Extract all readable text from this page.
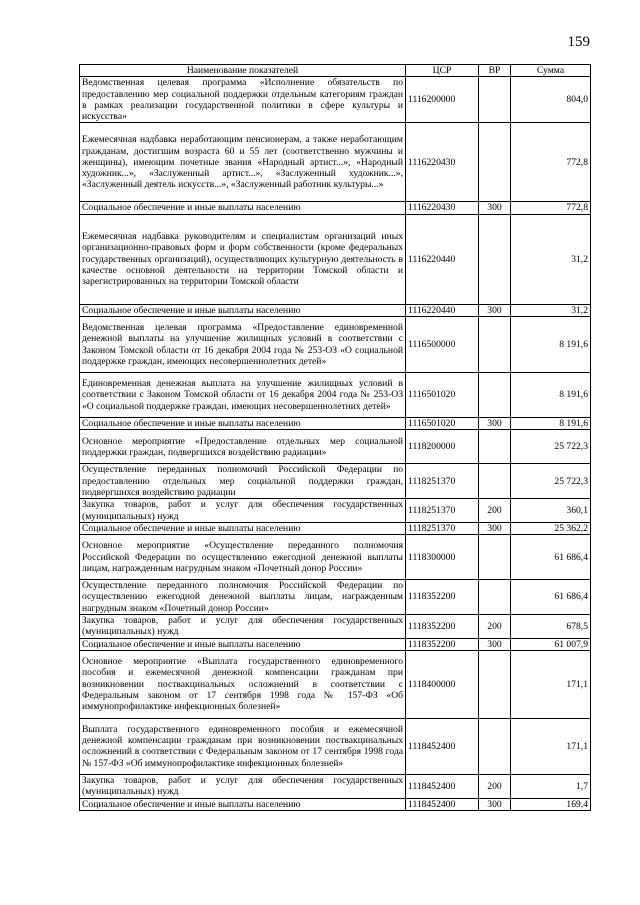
159
Наименование показателей	ЦСР	ВР	Сумма
Ведомственная целевая программа «Исполнение обязательств по предоставлению мер социальной поддержки отдельным категориям граждан в рамках реализации государственной политики в сфере культуры и искусства»	1116200000		804,0
Ежемесячная надбавка неработающим пенсионерам, а также неработающим гражданам, достигшим возраста 60 и 55 лет (соответственно мужчины и женщины), имеющим почетные звания «Народный артист...», «Народный художник...», «Заслуженный артист...», «Заслуженный художник...», «Заслуженный деятель искусств...», «Заслуженный работник культуры...»	1116220430		772,8
Социальное обеспечение и иные выплаты населению	1116220430	300	772,8
Ежемесячная надбавка руководителям и специалистам организаций иных организационно-правовых форм и форм собственности (кроме федеральных государственных организаций), осуществляющих культурную деятельность в качестве основной деятельности на территории Томской области и зарегистрированных на территории Томской области	1116220440		31,2
Социальное обеспечение и иные выплаты населению	1116220440	300	31,2
Ведомственная целевая программа «Предоставление единовременной денежной выплаты на улучшение жилищных условий в соответствии с Законом Томской области от 16 декабря 2004 года № 253-ОЗ «О социальной поддержке граждан, имеющих несовершеннолетних детей»	1116500000		8 191,6
Единовременная денежная выплата на улучшение жилищных условий в соответствии с Законом Томской области от 16 декабря 2004 года № 253-ОЗ «О социальной поддержке граждан, имеющих несовершеннолетних детей»	1116501020		8 191,6
Социальное обеспечение и иные выплаты населению	1116501020	300	8 191,6
Основное мероприятие «Предоставление отдельных мер социальной поддержки граждан, подвергшихся воздействию радиации»	1118200000		25 722,3
Осуществление переданных полномочий Российской Федерации по предоставлению отдельных мер социальной поддержки граждан, подвергшихся воздействию радиации	1118251370		25 722,3
Закупка товаров, работ и услуг для обеспечения государственных (муниципальных) нужд	1118251370	200	360,1
Социальное обеспечение и иные выплаты населению	1118251370	300	25 362,2
Основное мероприятие «Осуществление переданного полномочия Российской Федерации по осуществлению ежегодной денежной выплаты лицам, награжденным нагрудным знаком «Почетный донор России»	1118300000		61 686,4
Осуществление переданного полномочия Российской Федерации по осуществлению ежегодной денежной выплаты лицам, награжденным нагрудным знаком «Почетный донор России»	1118352200		61 686,4
Закупка товаров, работ и услуг для обеспечения государственных (муниципальных) нужд	1118352200	200	678,5
Социальное обеспечение и иные выплаты населению	1118352200	300	61 007,9
Основное мероприятие «Выплата государственного единовременного пособия и ежемесячной денежной компенсации гражданам при возникновении поствакцинальных осложнений в соответствии с Федеральным законом от 17 сентября 1998 года № 157-ФЗ «Об иммунопрофилактике инфекционных болезней»	1118400000		171,1
Выплата государственного единовременного пособия и ежемесячной денежной компенсации гражданам при возникновении поствакцинальных осложнений в соответствии с Федеральным законом от 17 сентября 1998 года № 157-ФЗ «Об иммунопрофилактике инфекционных болезней»	1118452400		171,1
Закупка товаров, работ и услуг для обеспечения государственных (муниципальных) нужд	1118452400	200	1,7
Социальное обеспечение и иные выплаты населению	1118452400	300	169,4
